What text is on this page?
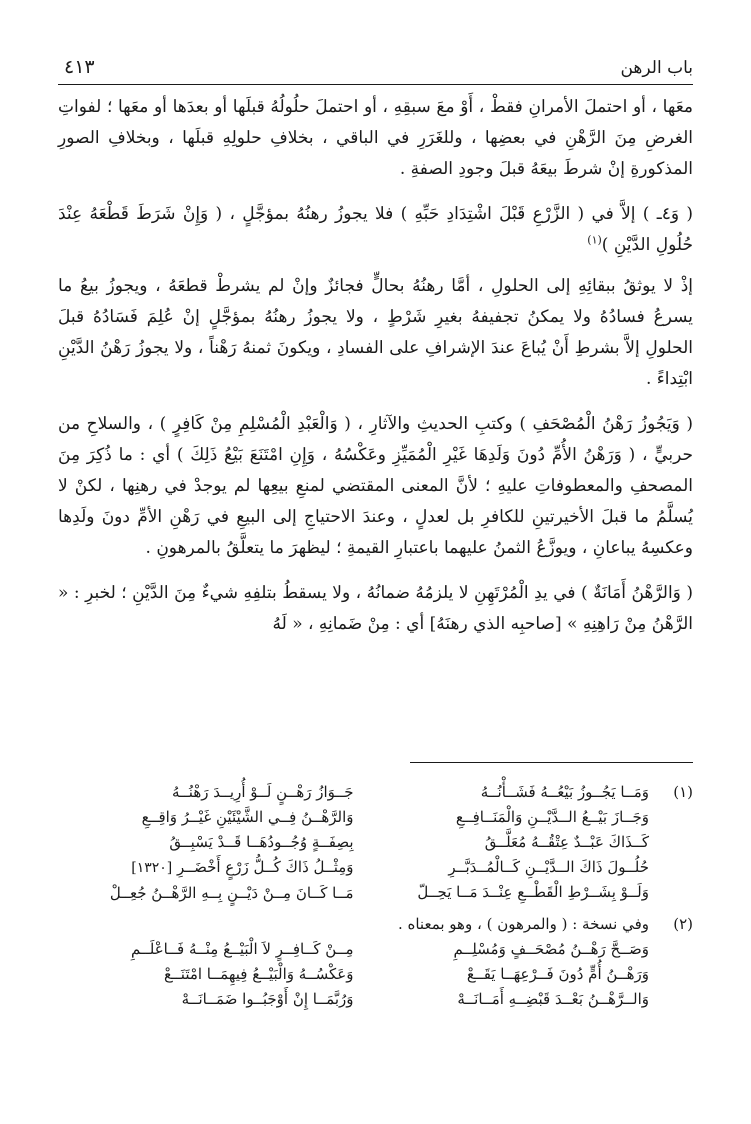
باب الرهن
٤١٣

معَها ، أو احتملَ الأمرانِ فقطْ ، أَوْ معَ سبقِهِ ، أو احتملَ حلُولُهُ قبلَها أو بعدَها أو معَها ؛ لفواتِ الغرضِ مِنَ الرَّهْنِ في بعضِها ، وللغَرَرِ في الباقي ، بخلافِ حلولِهِ قبلَها ، وبخلافِ الصورِ المذكورةِ إنْ شرطَ بيعَهُ قبلَ وجودِ الصفةِ .

( وَ٤ـ ) إلاَّ في ( الزَّرْعِ قَبْلَ اشْتِدَادِ حَبِّهِ ) فلا يجوزُ رهنُهُ بمؤجَّلٍ ، ( وَإِنْ شَرَطَ قَطْعَهُ عِنْدَ حُلُولِ الدَّيْنِ )$^{(١)}$

إذْ لا يوثقُ ببقائِهِ إلى الحلولِ ، أمَّا رهنُهُ بحالٍّ فجائزٌ وإنْ لم يشرطْ قطعَهُ ، ويجوزُ بيعُ ما يسرعُ فسادُهُ ولا يمكنُ تجفيفهُ بغيرِ شَرْطٍ ، ولا يجوزُ رهنُهُ بمؤجَّلٍ إنْ عُلِمَ فَسَادُهُ قبلَ الحلولِ إلاَّ بشرطِ أَنْ يُباعَ عندَ الإشرافِ على الفسادِ ، ويكونَ ثمنهُ رَهْناً ، ولا يجوزُ رَهْنُ الدَّيْنِ ابْتِداءً .

( وَيَجُوزُ رَهْنُ الْمُصْحَفِ ) وكتبِ الحديثِ والآثارِ ، ( وَالْعَبْدِ الْمُسْلِمِ مِنْ كَافِرٍ ) ، والسلاحِ من حربيٍّ ، ( وَرَهْنُ الأُمِّ دُونَ وَلَدِهَا غَيْرِ الْمُمَيِّزِ وعَكْسُهُ ، وَإِنِ امْتَنَعَ بَيْعُ ذَلِكَ ) أي : ما ذُكِرَ مِنَ المصحفِ والمعطوفاتِ عليهِ ؛ لأنَّ المعنى المقتضي لمنعِ بيعِها لم يوجدْ في رهنِها ، لكنْ لا يُسلَّمُ ما قبلَ الأخيرتينِ للكافرِ بل لعدلٍ ، وعندَ الاحتياجِ إلى البيعِ في رَهْنِ الأمِّ دونَ ولَدِها وعكسِهُ يباعانِ ، ويوزَّعُ الثمنُ عليهما باعتبارِ القيمةِ ؛ ليظهرَ ما يتعلَّقُ بالمرهونِ .

( وَالرَّهْنُ أَمَانَةٌ ) في يدِ الْمُرْتَهِنِ لا يلزمُهُ ضمانُهُ ، ولا يسقطُ بتلفِهِ شيءٌ مِنَ الدَّيْنِ ؛ لخبرِ : « الرَّهْنُ مِنْ رَاهِنِهِ » [صاحبِه الذي رهنَهُ] أي : مِنْ ضَمانِهِ ، « لَهُ

(١)
وَمَــا يَجُــوزُ بَيْعُــهُ فَشَــأْنُــهُ
وَجَــازَ بَيْــعُ الــدَّيْــنِ وَالْمَنَــافِــعِ
كَــذَاكَ عَبْــدٌ عِتْقُــهُ مُعَلَّــقُ
حُلُــولَ ذَاكَ الــدَّيْــنِ كَــالْمُــدَبَّــرِ
وَلَــوْ بِشَــرْطِ الْقَطْــعِ عِنْــدَ مَــا يَحِــلّ
جَــوَازُ رَهْــنٍ لَــوْ أُرِيــدَ رَهْنُــهُ
وَالرَّهْــنُ فِــي الشَّيْئَيْنِ غَيْــرُ وَاقِــعِ
بِصِفَــةٍ وُجُــودُهَــا قَــدْ يَسْبِــقُ
وَمِثْــلُ ذَاكَ كُــلُّ زَرْعٍ أَخْضَــرِ [١٣٢٠]
مَــا كَــانَ مِــنْ دَيْــنٍ بِــهِ الرَّهْــنُ جُعِــلْ
(٢)
وفي نسخة : ( والمرهون ) ، وهو بمعناه .
وَصَــحَّ رَهْــنُ مُصْحَــفٍ وَمُسْلِــمِ
وَرَهْــنُ أُمٍّ دُونَ فَــرْعِهَــا يَقَــعْ
وَالــرَّهْــنُ بَعْــدَ قَبْضِــهِ أَمَــانَــهْ
مِــنْ كَــافِــرٍ لاَ الْبَيْــعُ مِنْــهُ فَــاعْلَــمِ
وَعَكْسُــهُ وَالْبَيْــعُ فِيهِمَــا امْتَنَــعْ
وَرُبَّمَــا إِنْ أَوْجَبُــوا ضَمَــانَــهْ
